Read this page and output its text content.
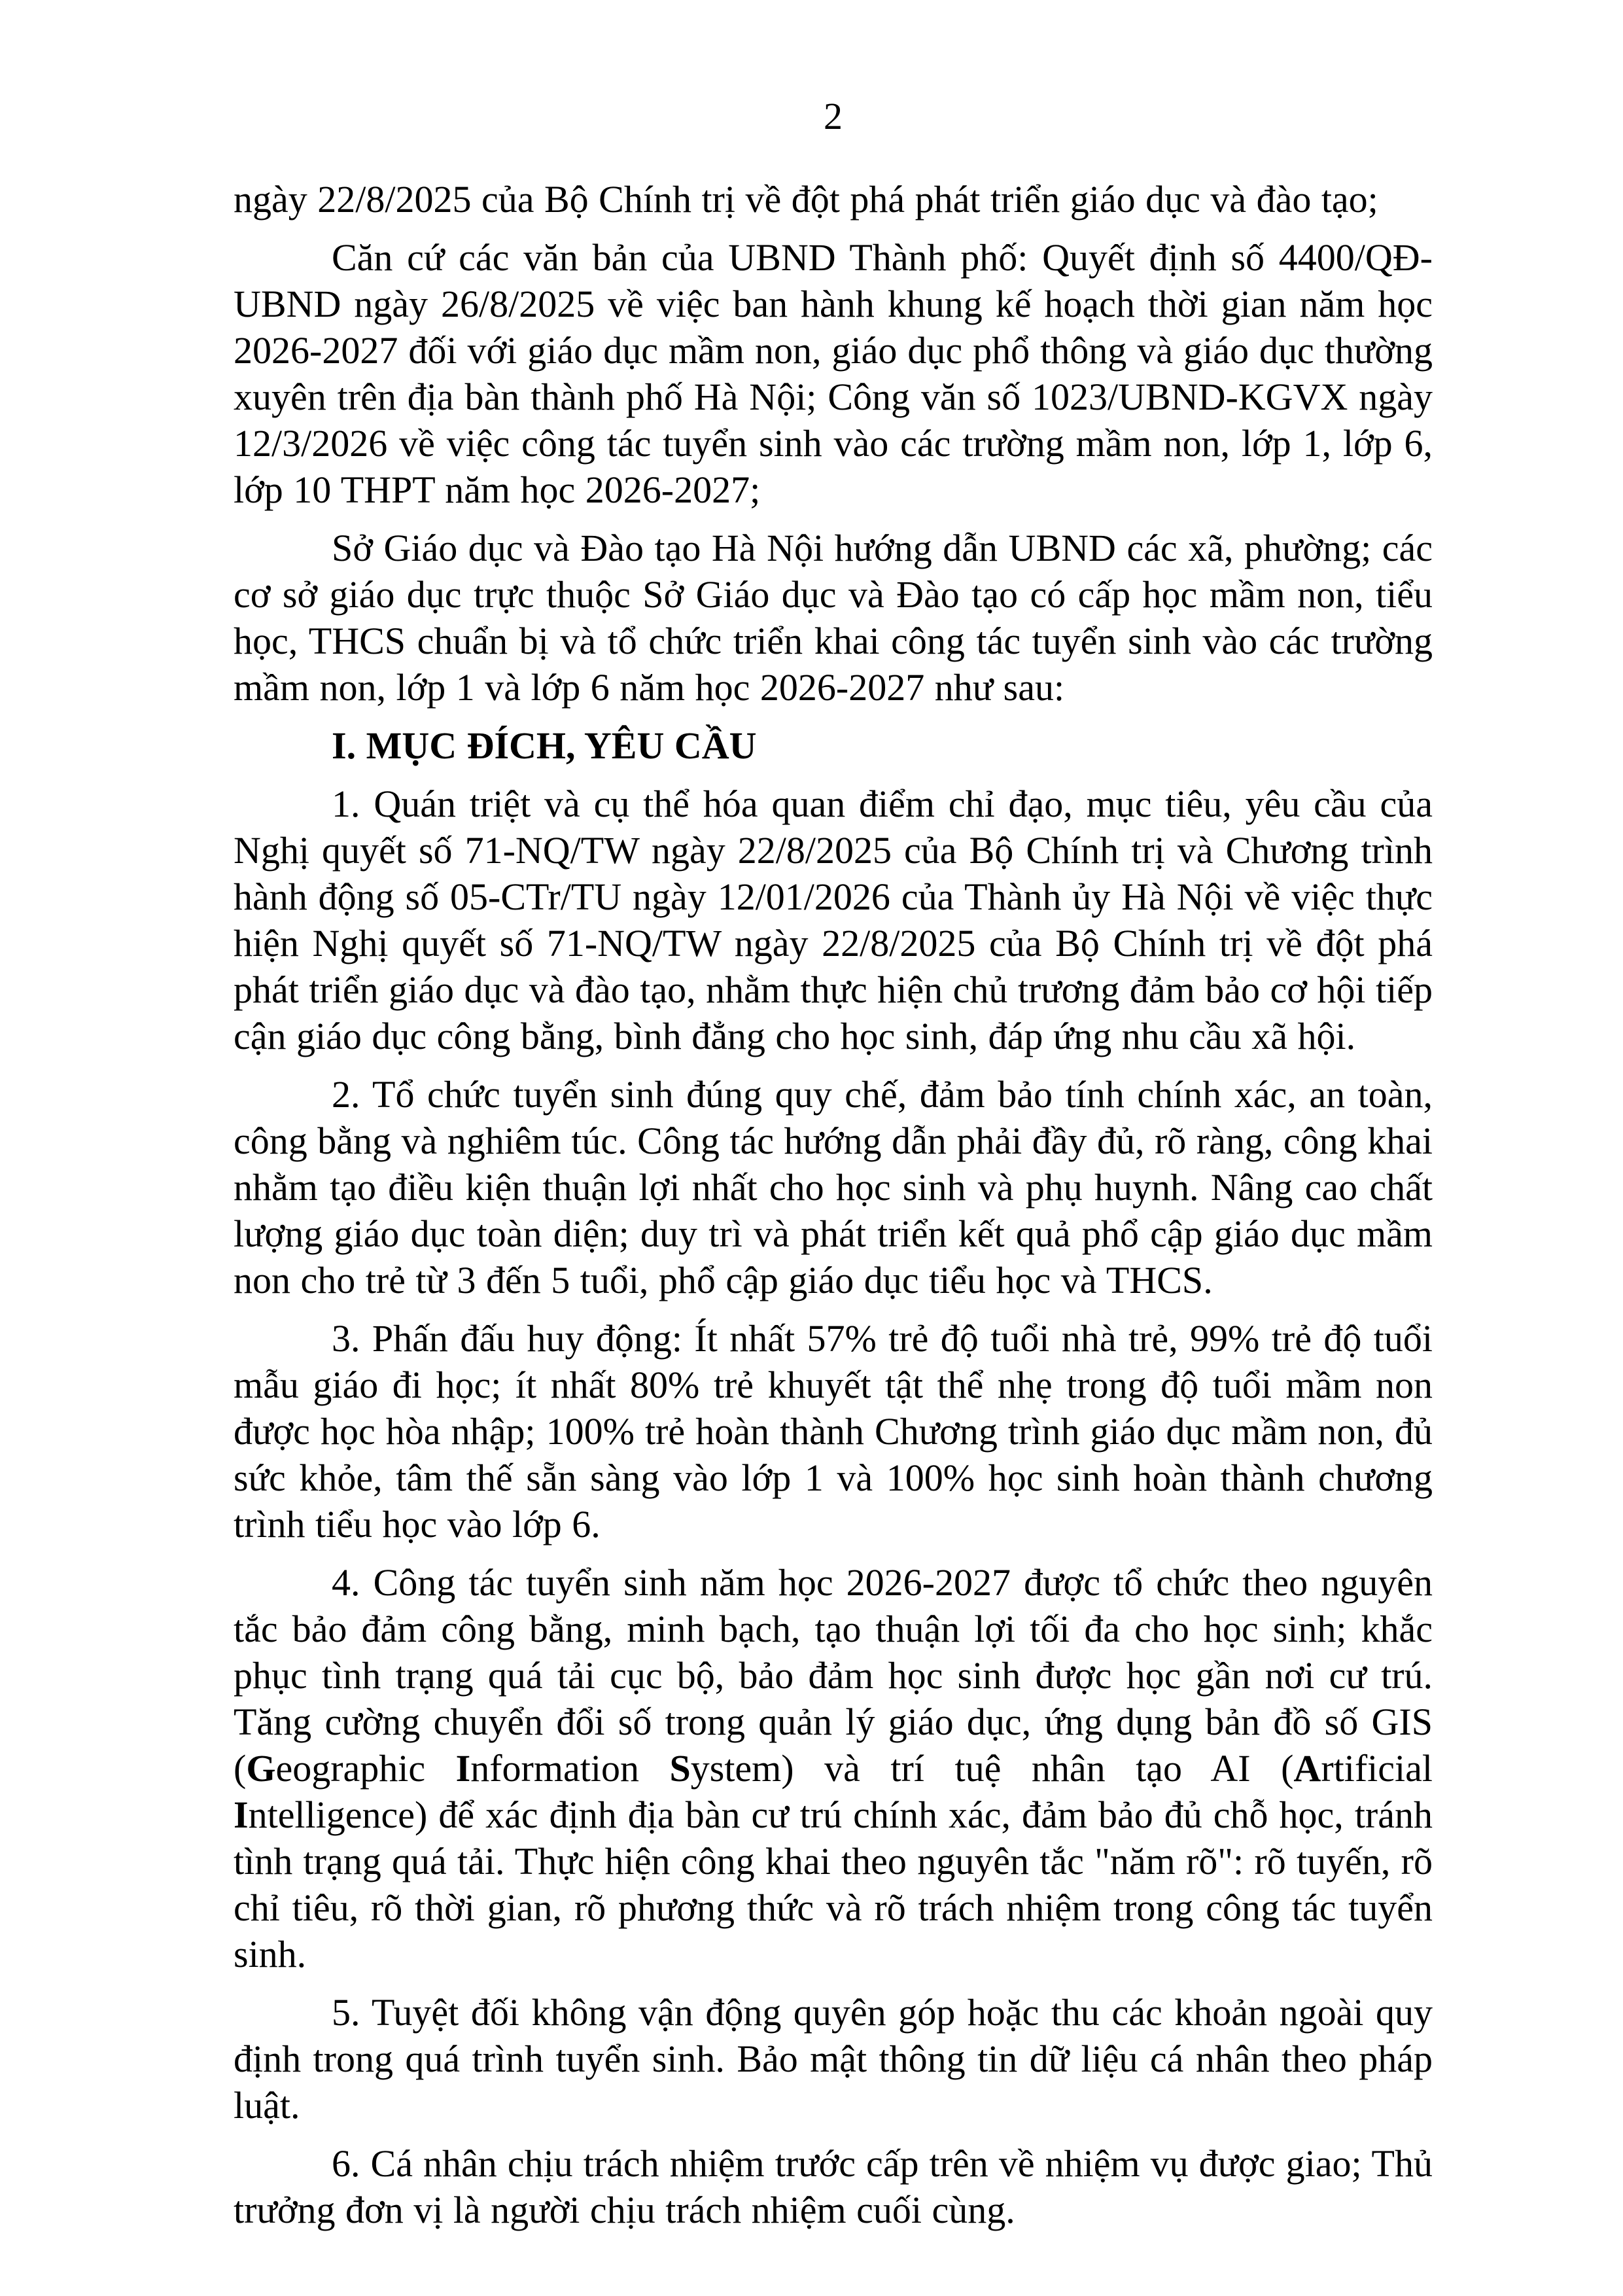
2

ngày 22/8/2025 của Bộ Chính trị về đột phá phát triển giáo dục và đào tạo;

Căn cứ các văn bản của UBND Thành phố: Quyết định số 4400/QĐ-UBND ngày 26/8/2025 về việc ban hành khung kế hoạch thời gian năm học 2026-2027 đối với giáo dục mầm non, giáo dục phổ thông và giáo dục thường xuyên trên địa bàn thành phố Hà Nội; Công văn số 1023/UBND-KGVX ngày 12/3/2026 về việc công tác tuyển sinh vào các trường mầm non, lớp 1, lớp 6, lớp 10 THPT năm học 2026-2027;

Sở Giáo dục và Đào tạo Hà Nội hướng dẫn UBND các xã, phường; các cơ sở giáo dục trực thuộc Sở Giáo dục và Đào tạo có cấp học mầm non, tiểu học, THCS chuẩn bị và tổ chức triển khai công tác tuyển sinh vào các trường mầm non, lớp 1 và lớp 6 năm học 2026-2027 như sau:

I. MỤC ĐÍCH, YÊU CẦU

1. Quán triệt và cụ thể hóa quan điểm chỉ đạo, mục tiêu, yêu cầu của Nghị quyết số 71-NQ/TW ngày 22/8/2025 của Bộ Chính trị và Chương trình hành động số 05-CTr/TU ngày 12/01/2026 của Thành ủy Hà Nội về việc thực hiện Nghị quyết số 71-NQ/TW ngày 22/8/2025 của Bộ Chính trị về đột phá phát triển giáo dục và đào tạo, nhằm thực hiện chủ trương đảm bảo cơ hội tiếp cận giáo dục công bằng, bình đẳng cho học sinh, đáp ứng nhu cầu xã hội.

2. Tổ chức tuyển sinh đúng quy chế, đảm bảo tính chính xác, an toàn, công bằng và nghiêm túc. Công tác hướng dẫn phải đầy đủ, rõ ràng, công khai nhằm tạo điều kiện thuận lợi nhất cho học sinh và phụ huynh. Nâng cao chất lượng giáo dục toàn diện; duy trì và phát triển kết quả phổ cập giáo dục mầm non cho trẻ từ 3 đến 5 tuổi, phổ cập giáo dục tiểu học và THCS.

3. Phấn đấu huy động: Ít nhất 57% trẻ độ tuổi nhà trẻ, 99% trẻ độ tuổi mẫu giáo đi học; ít nhất 80% trẻ khuyết tật thể nhẹ trong độ tuổi mầm non được học hòa nhập; 100% trẻ hoàn thành Chương trình giáo dục mầm non, đủ sức khỏe, tâm thế sẵn sàng vào lớp 1 và 100% học sinh hoàn thành chương trình tiểu học vào lớp 6.

4. Công tác tuyển sinh năm học 2026-2027 được tổ chức theo nguyên tắc bảo đảm công bằng, minh bạch, tạo thuận lợi tối đa cho học sinh; khắc phục tình trạng quá tải cục bộ, bảo đảm học sinh được học gần nơi cư trú. Tăng cường chuyển đổi số trong quản lý giáo dục, ứng dụng bản đồ số GIS (Geographic Information System) và trí tuệ nhân tạo AI (Artificial Intelligence) để xác định địa bàn cư trú chính xác, đảm bảo đủ chỗ học, tránh tình trạng quá tải. Thực hiện công khai theo nguyên tắc "năm rõ": rõ tuyến, rõ chỉ tiêu, rõ thời gian, rõ phương thức và rõ trách nhiệm trong công tác tuyển sinh.

5. Tuyệt đối không vận động quyên góp hoặc thu các khoản ngoài quy định trong quá trình tuyển sinh. Bảo mật thông tin dữ liệu cá nhân theo pháp luật.

6. Cá nhân chịu trách nhiệm trước cấp trên về nhiệm vụ được giao; Thủ trưởng đơn vị là người chịu trách nhiệm cuối cùng.
